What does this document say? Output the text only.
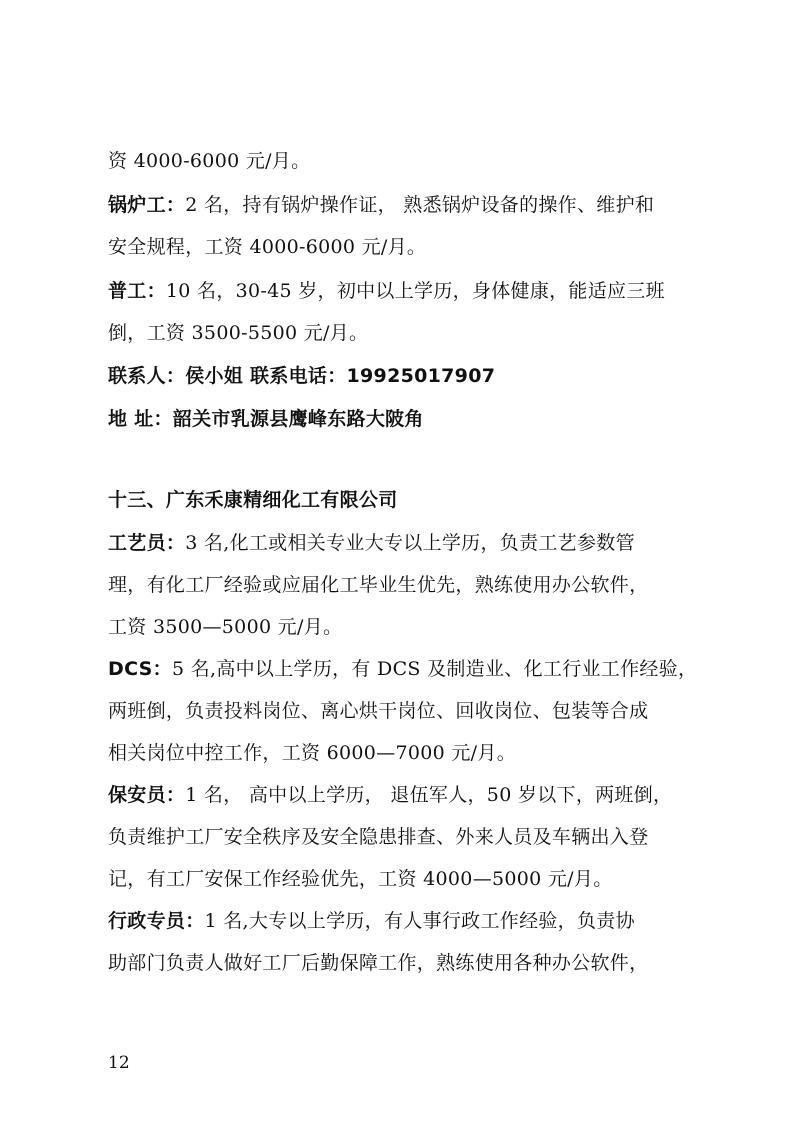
资 4000-6000 元/月。
锅炉工：2 名，持有锅炉操作证， 熟悉锅炉设备的操作、维护和
安全规程，工资 4000-6000 元/月。
普工：10 名，30-45 岁，初中以上学历，身体健康，能适应三班
倒，工资 3500-5500 元/月。
联系人：侯小姐 联系电话：19925017907
地 址：韶关市乳源县鹰峰东路大陂角
十三、广东禾康精细化工有限公司
工艺员：3 名,化工或相关专业大专以上学历，负责工艺参数管
理，有化工厂经验或应届化工毕业生优先，熟练使用办公软件，
工资 3500—5000 元/月。
DCS：5 名,高中以上学历，有 DCS 及制造业、化工行业工作经验，
两班倒，负责投料岗位、离心烘干岗位、回收岗位、包装等合成
相关岗位中控工作，工资 6000—7000 元/月。
保安员：1 名， 高中以上学历， 退伍军人，50 岁以下，两班倒，
负责维护工厂安全秩序及安全隐患排查、外来人员及车辆出入登
记，有工厂安保工作经验优先，工资 4000—5000 元/月。
行政专员：1 名,大专以上学历，有人事行政工作经验，负责协
助部门负责人做好工厂后勤保障工作，熟练使用各种办公软件，
12
